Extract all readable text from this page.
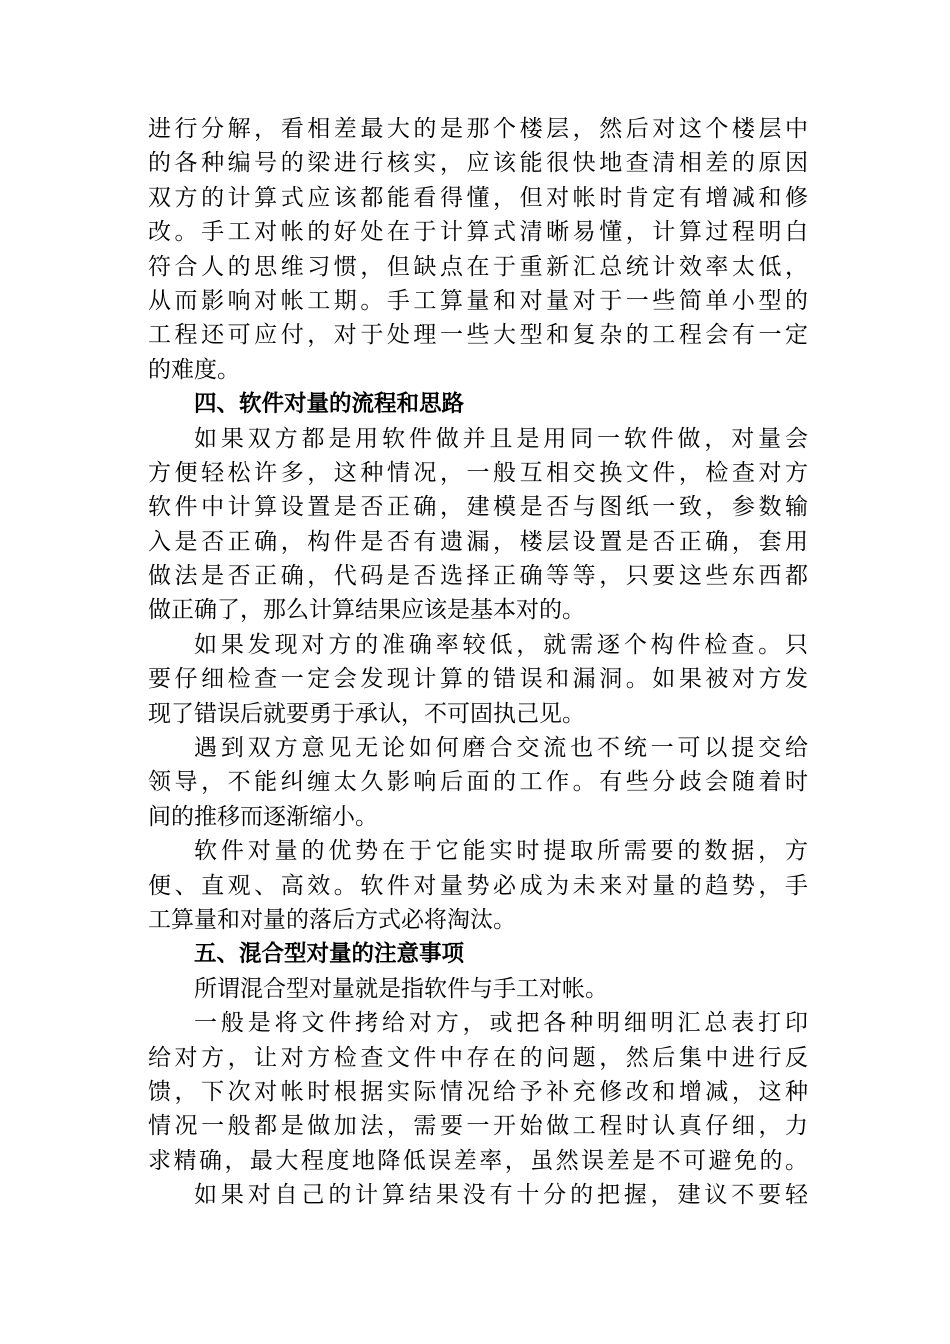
进行分解，看相差最大的是那个楼层，然后对这个楼层中
的各种编号的梁进行核实，应该能很快地查清相差的原因
双方的计算式应该都能看得懂，但对帐时肯定有增减和修
改。手工对帐的好处在于计算式清晰易懂，计算过程明白
符合人的思维习惯，但缺点在于重新汇总统计效率太低，
从而影响对帐工期。手工算量和对量对于一些简单小型的
工程还可应付，对于处理一些大型和复杂的工程会有一定
的难度。
四、软件对量的流程和思路
如果双方都是用软件做并且是用同一软件做，对量会
方便轻松许多，这种情况，一般互相交换文件，检查对方
软件中计算设置是否正确，建模是否与图纸一致，参数输
入是否正确，构件是否有遗漏，楼层设置是否正确，套用
做法是否正确，代码是否选择正确等等，只要这些东西都
做正确了，那么计算结果应该是基本对的。
如果发现对方的准确率较低，就需逐个构件检查。只
要仔细检查一定会发现计算的错误和漏洞。如果被对方发
现了错误后就要勇于承认，不可固执己见。
遇到双方意见无论如何磨合交流也不统一可以提交给
领导，不能纠缠太久影响后面的工作。有些分歧会随着时
间的推移而逐渐缩小。
软件对量的优势在于它能实时提取所需要的数据，方
便、直观、高效。软件对量势必成为未来对量的趋势，手
工算量和对量的落后方式必将淘汰。
五、混合型对量的注意事项
所谓混合型对量就是指软件与手工对帐。
一般是将文件拷给对方，或把各种明细明汇总表打印
给对方，让对方检查文件中存在的问题，然后集中进行反
馈，下次对帐时根据实际情况给予补充修改和增减，这种
情况一般都是做加法，需要一开始做工程时认真仔细，力
求精确，最大程度地降低误差率，虽然误差是不可避免的。
如果对自己的计算结果没有十分的把握，建议不要轻
